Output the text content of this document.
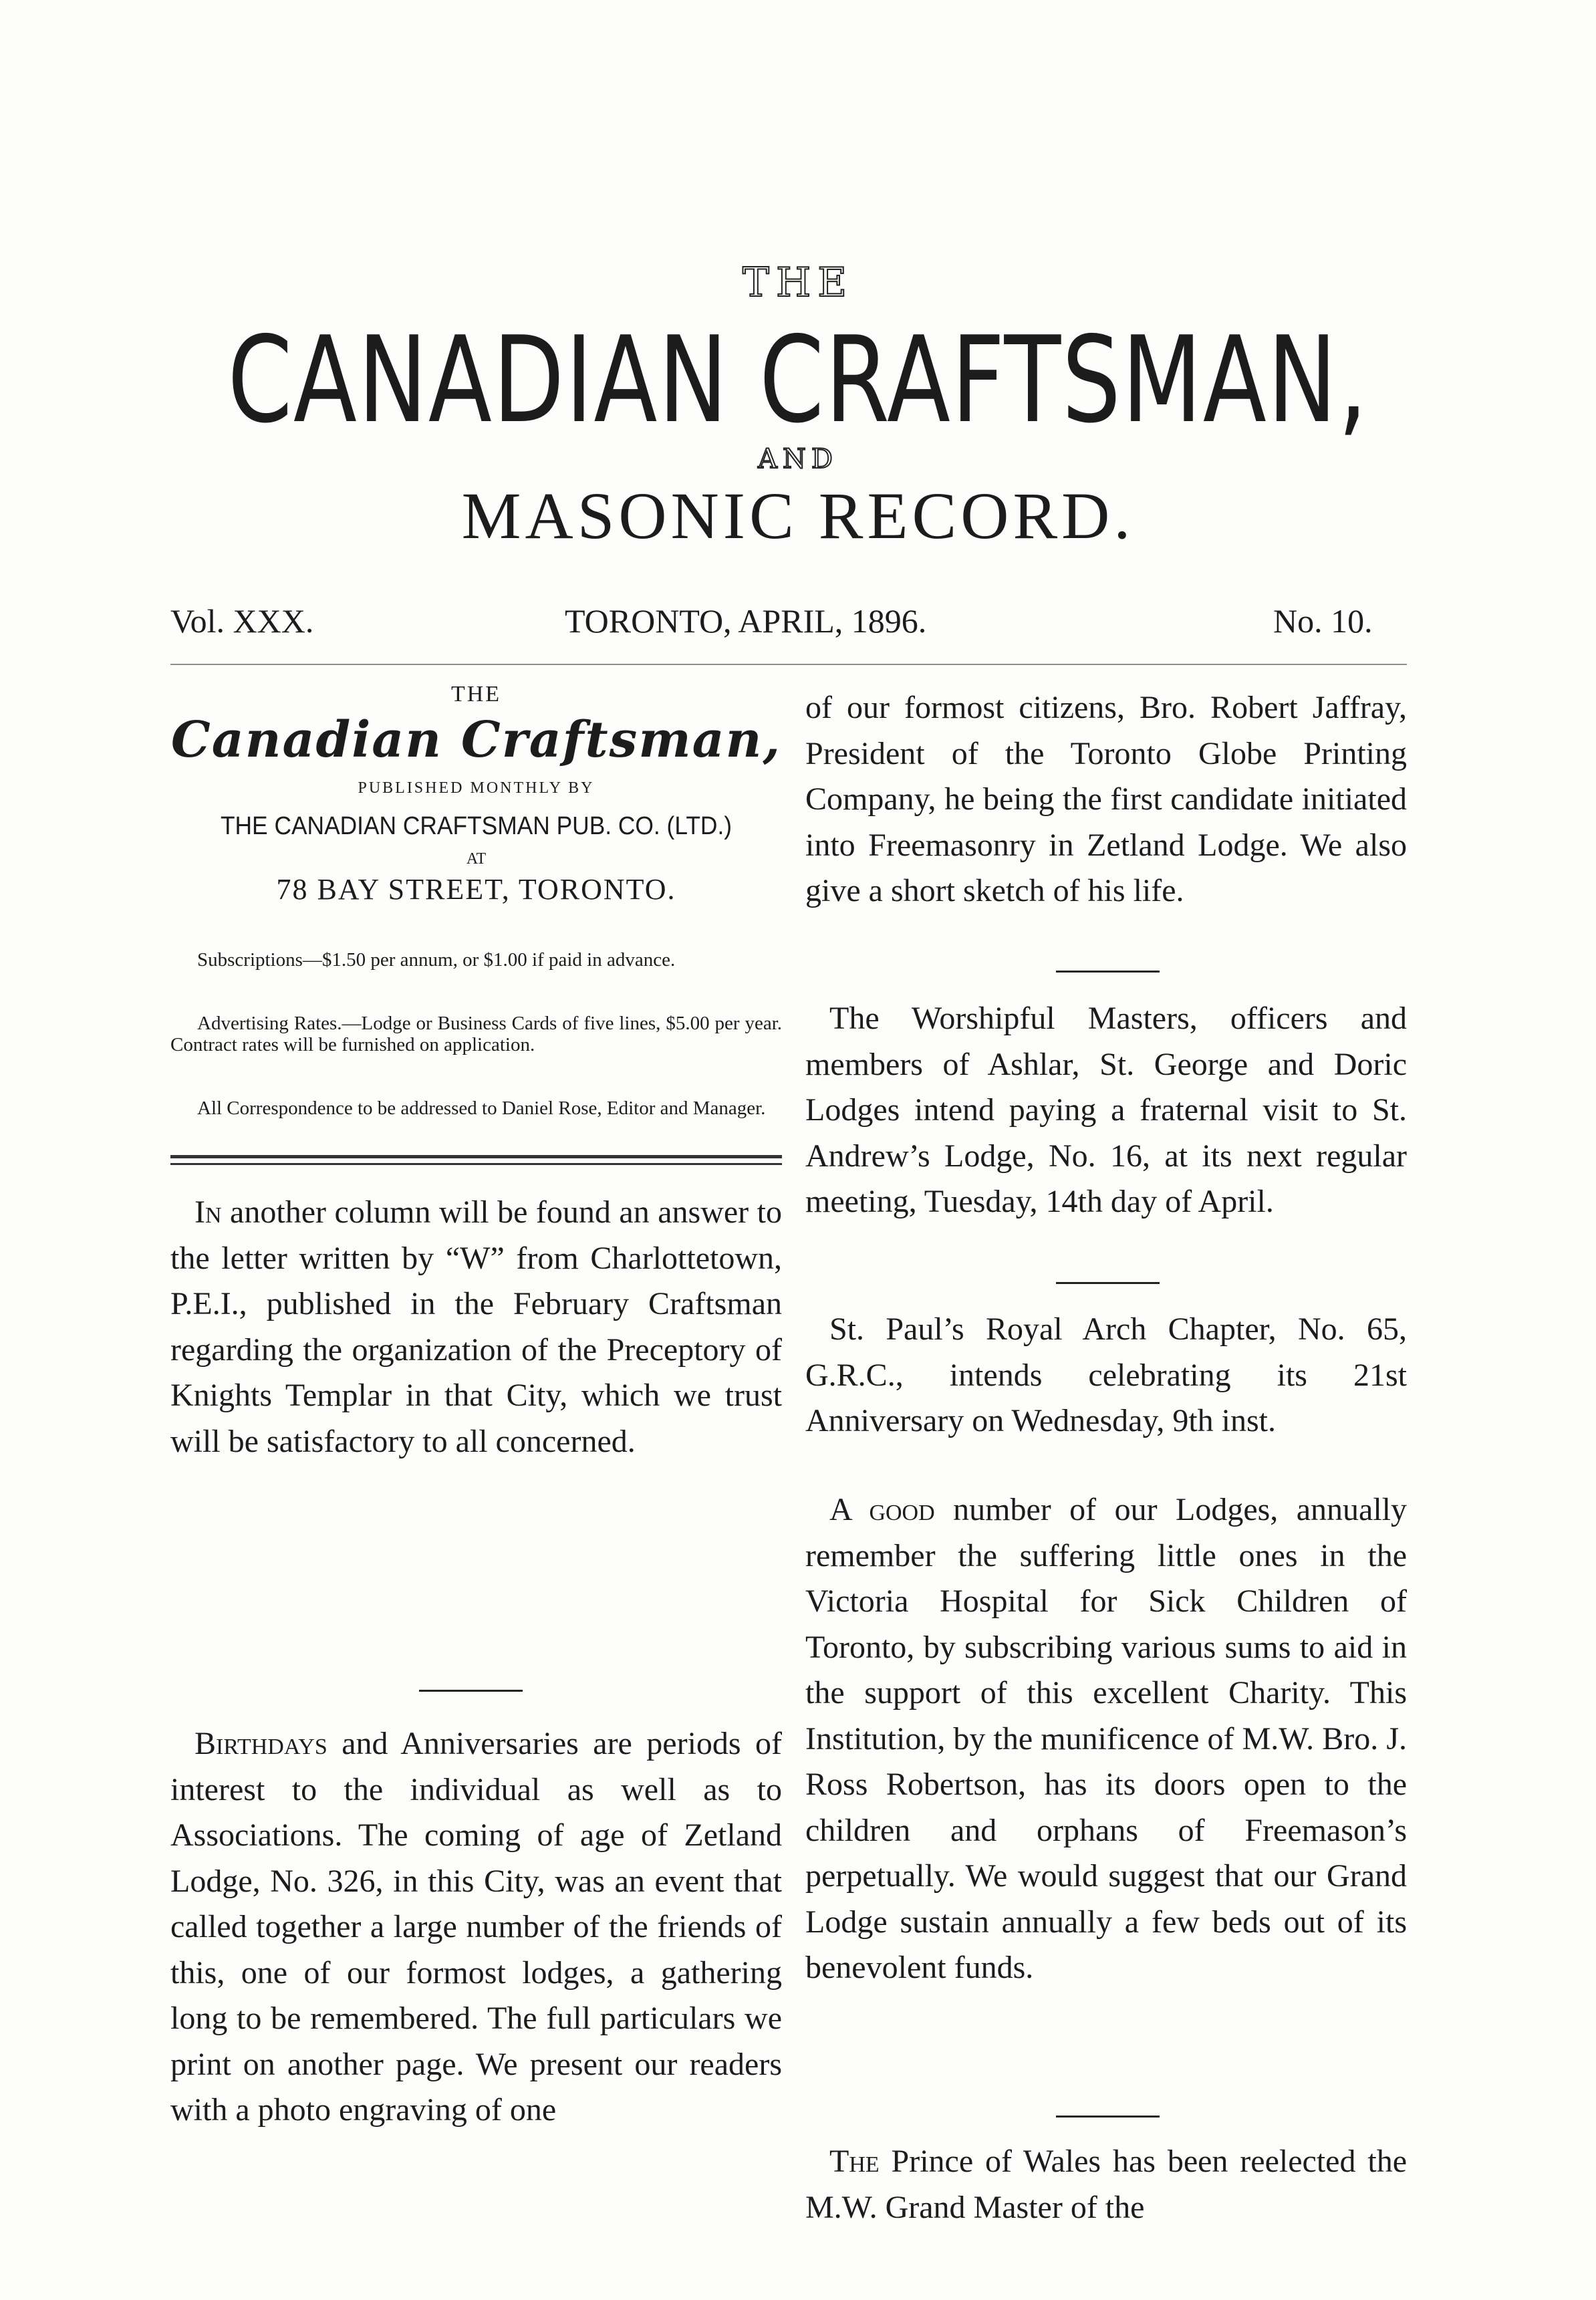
THE
CANADIAN CRAFTSMAN,
AND
MASONIC RECORD.
Vol. XXX.	TORONTO, APRIL, 1896.	No. 10.
THE
Canadian Craftsman,
PUBLISHED MONTHLY BY
THE CANADIAN CRAFTSMAN PUB. CO. (LTD.)
AT
78 BAY STREET, TORONTO.
Subscriptions—$1.50 per annum, or $1.00 if paid in advance.
Advertising Rates.—Lodge or Business Cards of five lines, $5.00 per year. Contract rates will be furnished on application.
All Correspondence to be addressed to Daniel Rose, Editor and Manager.

In another column will be found an answer to the letter written by “W” from Charlottetown, P.E.I., published in the February Craftsman regarding the organization of the Preceptory of Knights Templar in that City, which we trust will be satisfactory to all concerned.

Birthdays and Anniversaries are periods of interest to the individual as well as to Associations. The coming of age of Zetland Lodge, No. 326, in this City, was an event that called together a large number of the friends of this, one of our formost lodges, a gathering long to be remembered. The full particulars we print on another page. We present our readers with a photo engraving of one

of our formost citizens, Bro. Robert Jaffray, President of the Toronto Globe Printing Company, he being the first candidate initiated into Freemasonry in Zetland Lodge. We also give a short sketch of his life.
The Worshipful Masters, officers and members of Ashlar, St. George and Doric Lodges intend paying a fraternal visit to St. Andrew’s Lodge, No. 16, at its next regular meeting, Tuesday, 14th day of April.
St. Paul’s Royal Arch Chapter, No. 65, G.R.C., intends celebrating its 21st Anniversary on Wednesday, 9th inst.

A good number of our Lodges, annually remember the suffering little ones in the Victoria Hospital for Sick Children of Toronto, by subscribing various sums to aid in the support of this excellent Charity. This Institution, by the munificence of M.W. Bro. J. Ross Robertson, has its doors open to the children and orphans of Freemason’s perpetually. We would suggest that our Grand Lodge sustain annually a few beds out of its benevolent funds.

The Prince of Wales has been reelected the M.W. Grand Master of the
